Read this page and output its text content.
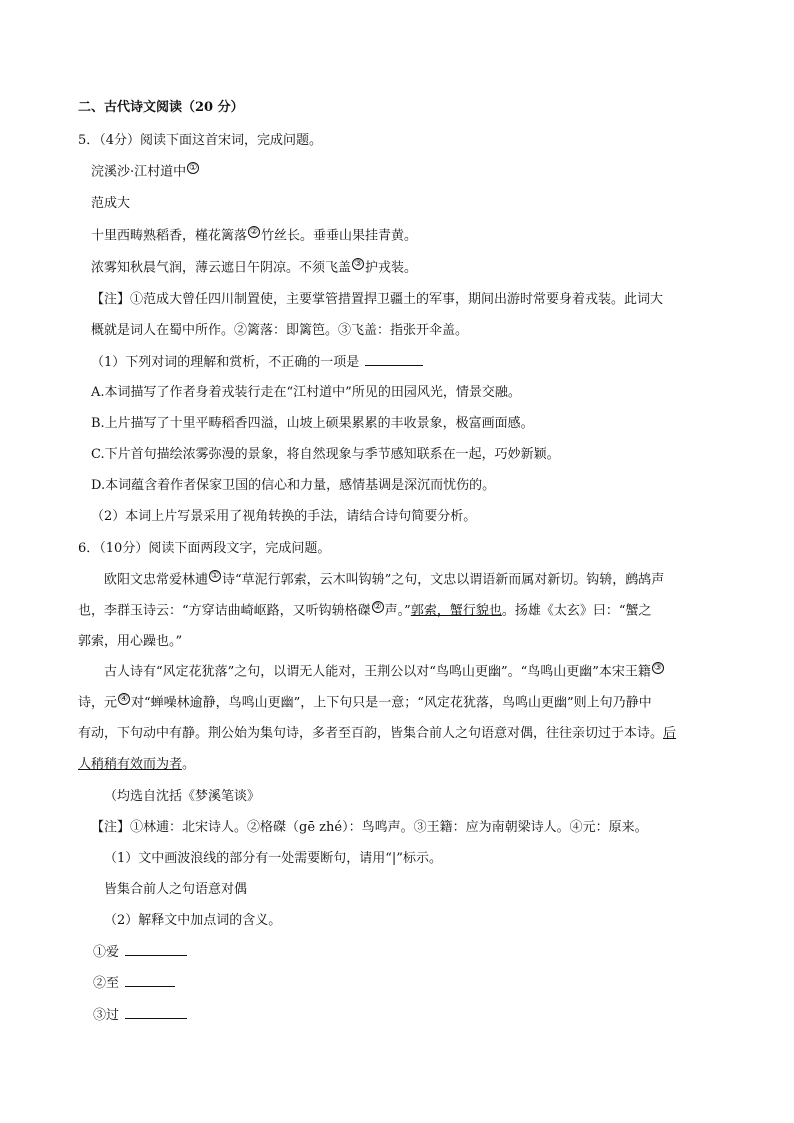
二、古代诗文阅读（20 分）
5．（4分）阅读下面这首宋词，完成问题。
浣溪沙·江村道中 ①
范成大
十里西畴熟稻香，槿花篱落 ② 竹丝长。垂垂山果挂青黄。
浓雾知秋晨气润，薄云遮日午阴凉。不须飞盖 ③ 护戎装。
【注】①范成大曾任四川制置使，主要掌管措置捍卫疆土的军事，期间出游时常要身着戎装。此词大
概就是词人在蜀中所作。②篱落：即篱笆。③飞盖：指张开伞盖。
（1）下列对词的理解和赏析，不正确的一项是
A.本词描写了作者身着戎装行走在“江村道中”所见的田园风光，情景交融。
B.上片描写了十里平畴稻香四溢，山坡上硕果累累的丰收景象，极富画面感。
C.下片首句描绘浓雾弥漫的景象，将自然现象与季节感知联系在一起，巧妙新颖。
D.本词蕴含着作者保家卫国的信心和力量，感情基调是深沉而忧伤的。
（2）本词上片写景采用了视角转换的手法，请结合诗句简要分析。
6．（10分）阅读下面两段文字，完成问题。
欧阳文忠常爱林逋 ① 诗“草泥行郭索，云木叫钩辀”之句，文忠以谓语新而属对新切。钩辀，鹧鸪声
也，李群玉诗云：“方穿诘曲崎岖路，又听钩辀格磔 ② 声。”郭索，蟹行貌也。扬雄《太玄》曰：“蟹之
郭索，用心躁也。”
古人诗有“风定花犹落”之句，以谓无人能对，王荆公以对“鸟鸣山更幽”。“鸟鸣山更幽”本宋王籍 ③
诗，元 ④ 对“蝉噪林逾静，鸟鸣山更幽”，上下句只是一意；“风定花犹落，鸟鸣山更幽”则上句乃静中
有动，下句动中有静。荆公始为集句诗，多者至百韵，皆集合前人之句语意对偶，往往亲切过于本诗。后
人稍稍有效而为者。
（均选自沈括《梦溪笔谈》
【注】①林逋：北宋诗人。②格磔（gē zhé）：鸟鸣声。③王籍：应为南朝梁诗人。④元：原来。
（1）文中画波浪线的部分有一处需要断句，请用“|”标示。
皆集合前人之句语意对偶
（2）解释文中加点词的含义。
①爱
②至
③过
